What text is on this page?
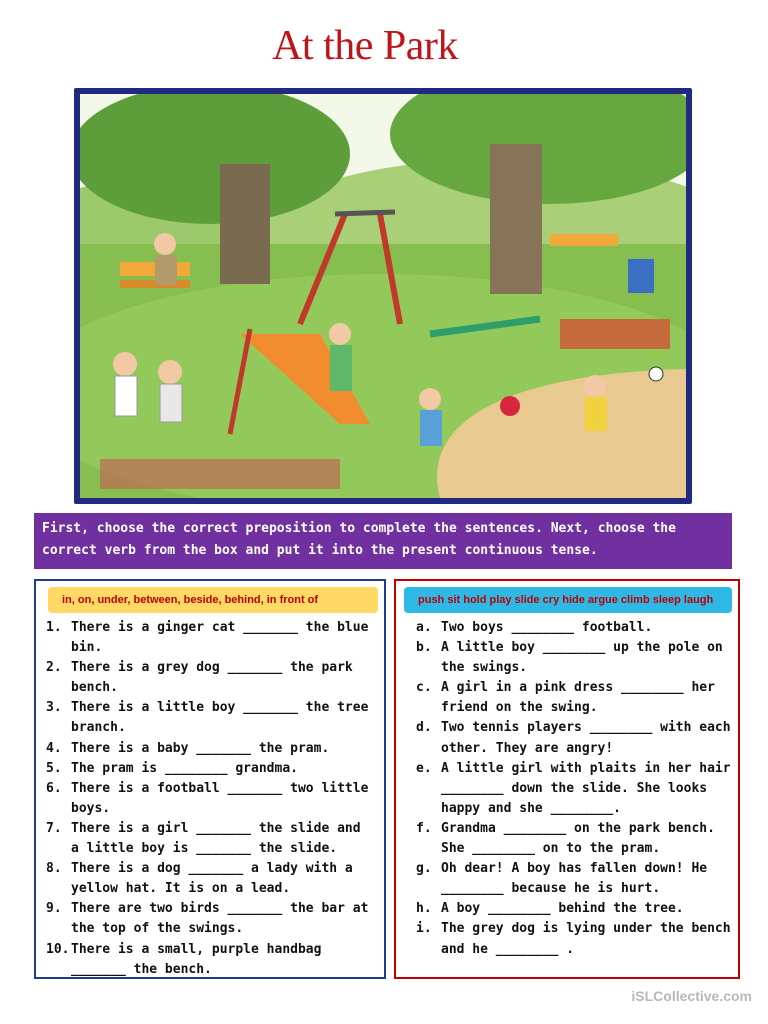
At the Park
First, choose the correct preposition to complete the sentences. Next, choose the correct verb from the box and put it into the present continuous tense.
in, on, under, between, beside, behind, in front of
1. There is a ginger cat _______ the blue bin.
2. There is a grey dog _______ the park bench.
3. There is a little boy _______ the tree branch.
4. There is a baby _______ the pram.
5. The pram is ________ grandma.
6. There is a football _______ two little boys.
7. There is a girl _______ the slide and a little boy is _______ the slide.
8. There is a dog _______ a lady with a yellow hat. It is on a lead.
9. There are two birds _______ the bar at the top of the swings.
10. There is a small, purple handbag _______ the bench.
push sit hold play slide cry hide argue climb sleep laugh
a. Two boys ________ football.
b. A little boy ________ up the pole on the swings.
c. A girl in a pink dress ________ her friend on the swing.
d. Two tennis players ________ with each other. They are angry!
e. A little girl with plaits in her hair ________ down the slide. She looks happy and she ________.
f. Grandma ________ on the park bench. She ________ on to the pram.
g. Oh dear! A boy has fallen down! He ________ because he is hurt.
h. A boy ________ behind the tree.
i. The grey dog is lying under the bench and he ________ .
iSLCollective.com
